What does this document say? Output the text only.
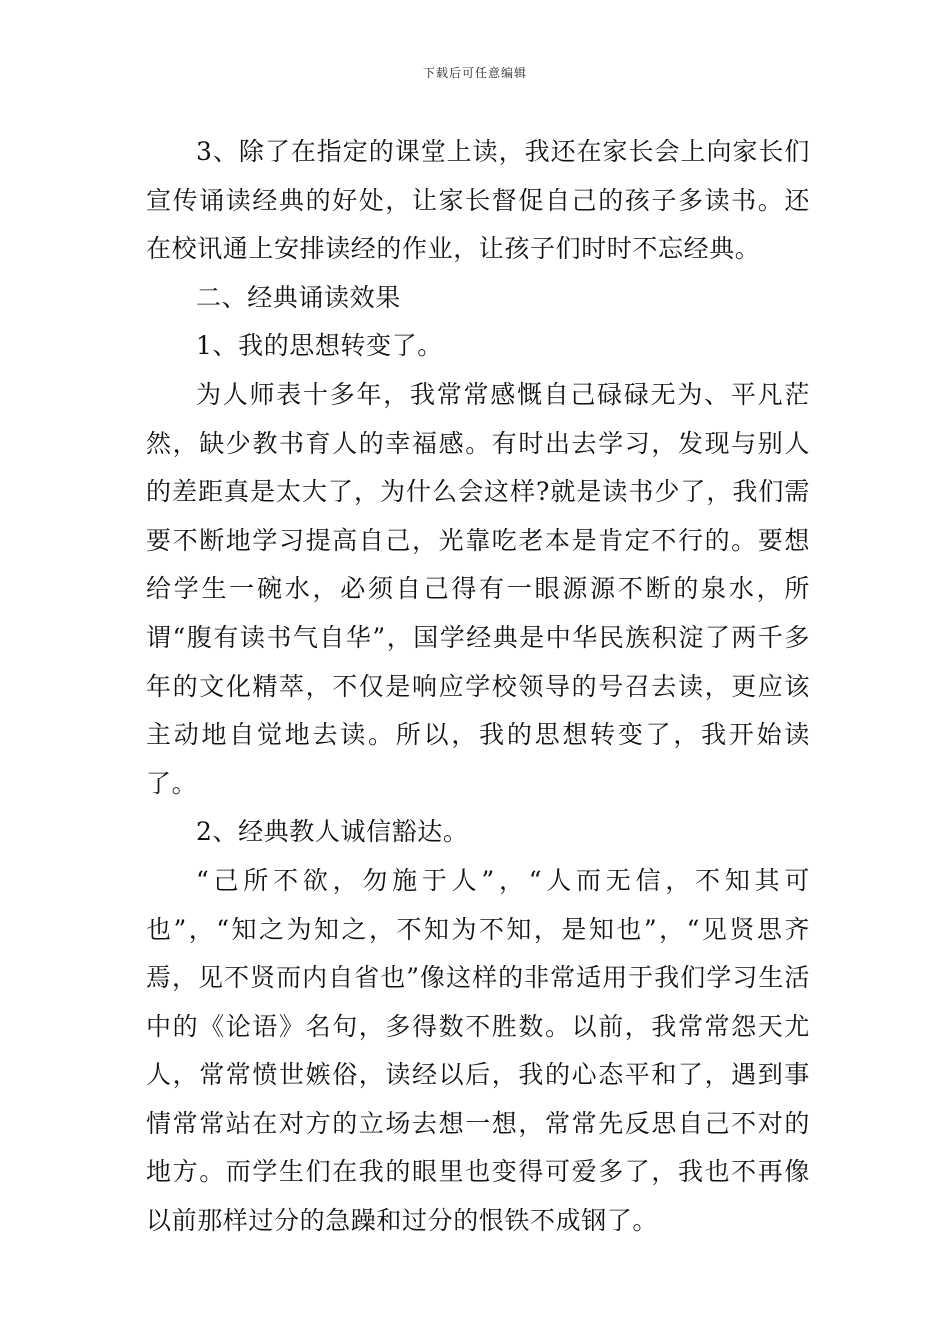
下载后可任意编辑

3、除了在指定的课堂上读，我还在家长会上向家长们宣传诵读经典的好处，让家长督促自己的孩子多读书。还在校讯通上安排读经的作业，让孩子们时时不忘经典。

二、经典诵读效果

1、我的思想转变了。

为人师表十多年，我常常感慨自己碌碌无为、平凡茫然，缺少教书育人的幸福感。有时出去学习，发现与别人的差距真是太大了，为什么会这样?就是读书少了，我们需要不断地学习提高自己，光靠吃老本是肯定不行的。要想给学生一碗水，必须自己得有一眼源源不断的泉水，所谓“腹有读书气自华”，国学经典是中华民族积淀了两千多年的文化精萃，不仅是响应学校领导的号召去读，更应该主动地自觉地去读。所以，我的思想转变了，我开始读了。

2、经典教人诚信豁达。

“己所不欲，勿施于人”，“人而无信，不知其可也”，“知之为知之，不知为不知，是知也”，“见贤思齐焉，见不贤而内自省也”像这样的非常适用于我们学习生活中的《论语》名句，多得数不胜数。以前，我常常怨天尤人，常常愤世嫉俗，读经以后，我的心态平和了，遇到事情常常站在对方的立场去想一想，常常先反思自己不对的地方。而学生们在我的眼里也变得可爱多了，我也不再像以前那样过分的急躁和过分的恨铁不成钢了。
